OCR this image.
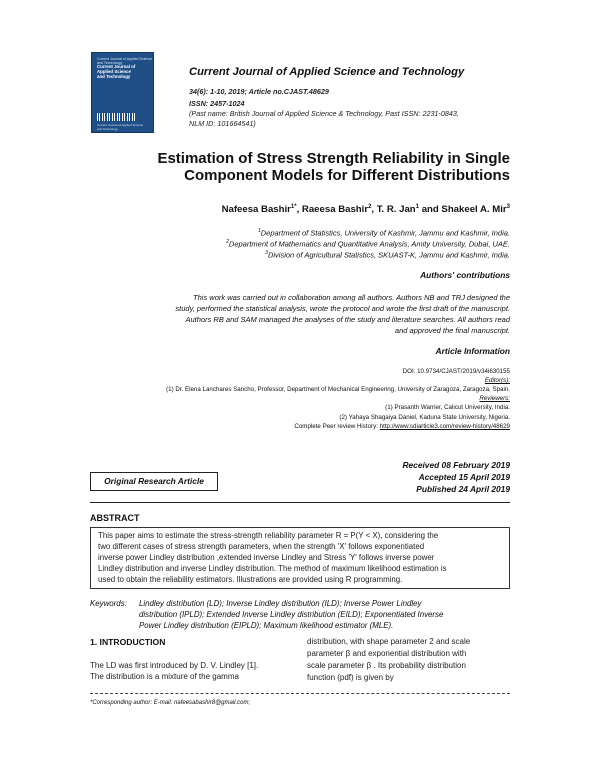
Current Journal of Applied Science and Technology
Current Journal of
Applied Science
and Technology
Current Journal of Applied Science and Technology
Current Journal of Applied Science and Technology
34(6): 1-10, 2019; Article no.CJAST.48629
ISSN: 2457-1024
(Past name: British Journal of Applied Science & Technology, Past ISSN: 2231-0843,
NLM ID: 101664541)
Estimation of Stress Strength Reliability in Single
Component Models for Different Distributions
Nafeesa Bashir$^{1*}$, Raeesa Bashir$^2$, T. R. Jan$^1$ and Shakeel A. Mir$^3$
$^1$Department of Statistics, University of Kashmir, Jammu and Kashmir, India.
$^2$Department of Mathematics and Quantitative Analysis, Amity University, Dubai, UAE.
$^3$Division of Agricultural Statistics, SKUAST-K, Jammu and Kashmir, India.
Authors' contributions
This work was carried out in collaboration among all authors. Authors NB and TRJ designed the
study, performed the statistical analysis, wrote the protocol and wrote the first draft of the manuscript.
Authors RB and SAM managed the analyses of the study and literature searches. All authors read
and approved the final manuscript.
Article Information
DOI: 10.9734/CJAST/2019/v34i630155
Editor(s):
(1) Dr. Elena Lanchares Sancho, Professor, Department of Mechanical Engineering, University of Zaragoza, Zaragoza, Spain.
Reviewers:
(1) Prasanth Warrier, Calicut University, India.
(2) Yahaya Shagaiya Daniel, Kaduna State University, Nigeria.
Complete Peer review History: http://www.sdiarticle3.com/review-history/48629
Received 08 February 2019
Accepted 15 April 2019
Published 24 April 2019
Original Research Article
ABSTRACT
This paper aims to estimate the stress-strength reliability parameter R = P(Y < X), considering the
two different cases of stress strength parameters, when the strength 'X' follows exponentiated
inverse power Lindley distribution ,extended inverse Lindley and Stress 'Y' follows inverse power
Lindley distribution and inverse Lindley distribution. The method of maximum likelihood estimation is
used to obtain the reliability estimators. Illustrations are provided using R programming.
Keywords: Lindley distribution (LD); Inverse Lindley distribution (ILD); Inverse Power Lindley
distribution (IPLD); Extended Inverse Lindley distribution (EILD); Exponentiated Inverse
Power Lindley distribution (EIPLD); Maximum likelihood estimator (MLE).
1. INTRODUCTION
The LD was first introduced by D. V. Lindley [1].
The distribution is a mixture of the gamma
distribution, with shape parameter 2 and scale
parameter β and exponential distribution with
scale parameter β . Its probability distribution
function (pdf) is given by
*Corresponding author: E-mail: nafeesabashir8@gmail.com;
